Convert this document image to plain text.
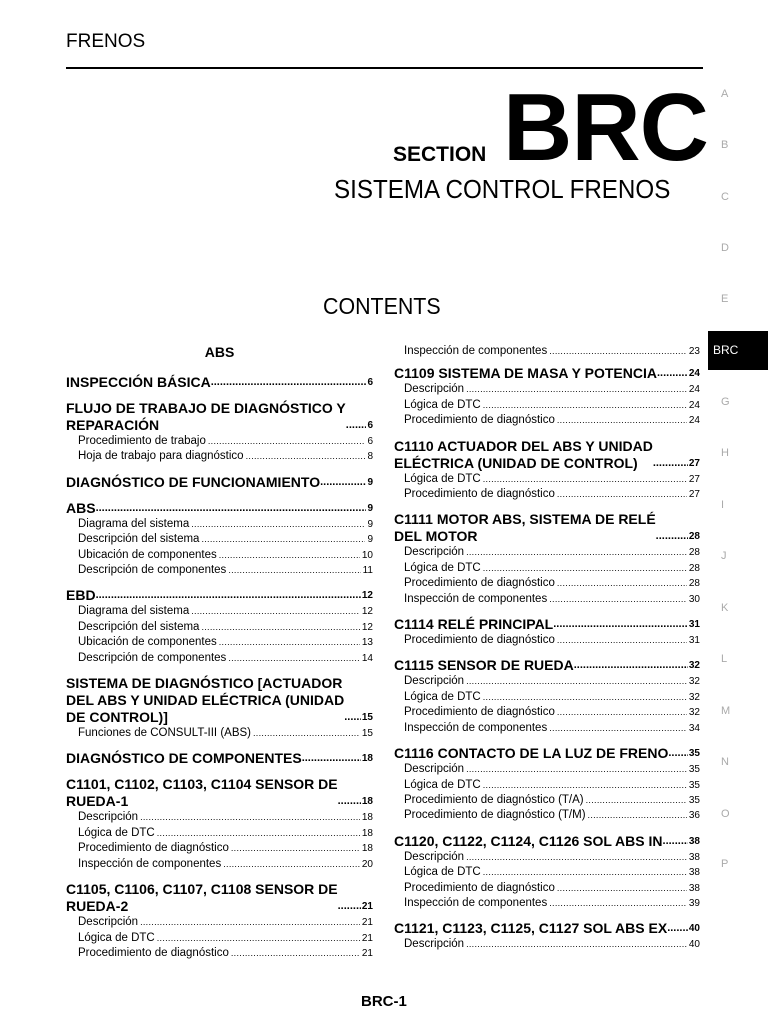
FRENOS
SECTION BRC
SISTEMA CONTROL FRENOS
CONTENTS
ABS
INSPECCIÓN BÁSICA .....	6
FLUJO DE TRABAJO DE DIAGNÓSTICO Y
REPARACIÓN .....	6
Procedimiento de trabajo .....	6
Hoja de trabajo para diagnóstico .....	8
DIAGNÓSTICO DE FUNCIONAMIENTO .....	9
ABS .....	9
Diagrama del sistema .....	9
Descripción del sistema .....	9
Ubicación de componentes .....	10
Descripción de componentes .....	11
EBD .....	12
Diagrama del sistema .....	12
Descripción del sistema .....	12
Ubicación de componentes .....	13
Descripción de componentes .....	14
SISTEMA DE DIAGNÓSTICO [ACTUADOR
DEL ABS Y UNIDAD ELÉCTRICA (UNIDAD
DE CONTROL)] .....	15
Funciones de CONSULT-III (ABS) .....	15
DIAGNÓSTICO DE COMPONENTES .....	18
C1101, C1102, C1103, C1104 SENSOR DE
RUEDA-1 .....	18
Descripción .....	18
Lógica de DTC .....	18
Procedimiento de diagnóstico .....	18
Inspección de componentes .....	20
C1105, C1106, C1107, C1108 SENSOR DE
RUEDA-2 .....	21
Descripción .....	21
Lógica de DTC .....	21
Procedimiento de diagnóstico .....	21
Inspección de componentes .....	23
C1109 SISTEMA DE MASA Y POTENCIA .....	24
Descripción .....	24
Lógica de DTC .....	24
Procedimiento de diagnóstico .....	24
C1110 ACTUADOR DEL ABS Y UNIDAD
ELÉCTRICA (UNIDAD DE CONTROL) .....	27
Lógica de DTC .....	27
Procedimiento de diagnóstico .....	27
C1111 MOTOR ABS, SISTEMA DE RELÉ
DEL MOTOR .....	28
Descripción .....	28
Lógica de DTC .....	28
Procedimiento de diagnóstico .....	28
Inspección de componentes .....	30
C1114 RELÉ PRINCIPAL .....	31
Procedimiento de diagnóstico .....	31
C1115 SENSOR DE RUEDA .....	32
Descripción .....	32
Lógica de DTC .....	32
Procedimiento de diagnóstico .....	32
Inspección de componentes .....	34
C1116 CONTACTO DE LA LUZ DE FRENO ..... 35
Descripción .....	35
Lógica de DTC .....	35
Procedimiento de diagnóstico (T/A) .....	35
Procedimiento de diagnóstico (T/M) .....	36
C1120, C1122, C1124, C1126 SOL ABS IN .....	38
Descripción .....	38
Lógica de DTC .....	38
Procedimiento de diagnóstico .....	38
Inspección de componentes .....	39
C1121, C1123, C1125, C1127 SOL ABS EX ..... 40
Descripción .....	40
A
B
C
D
E
G
H
I
J
K
L
M
N
O
P
BRC
BRC-1
